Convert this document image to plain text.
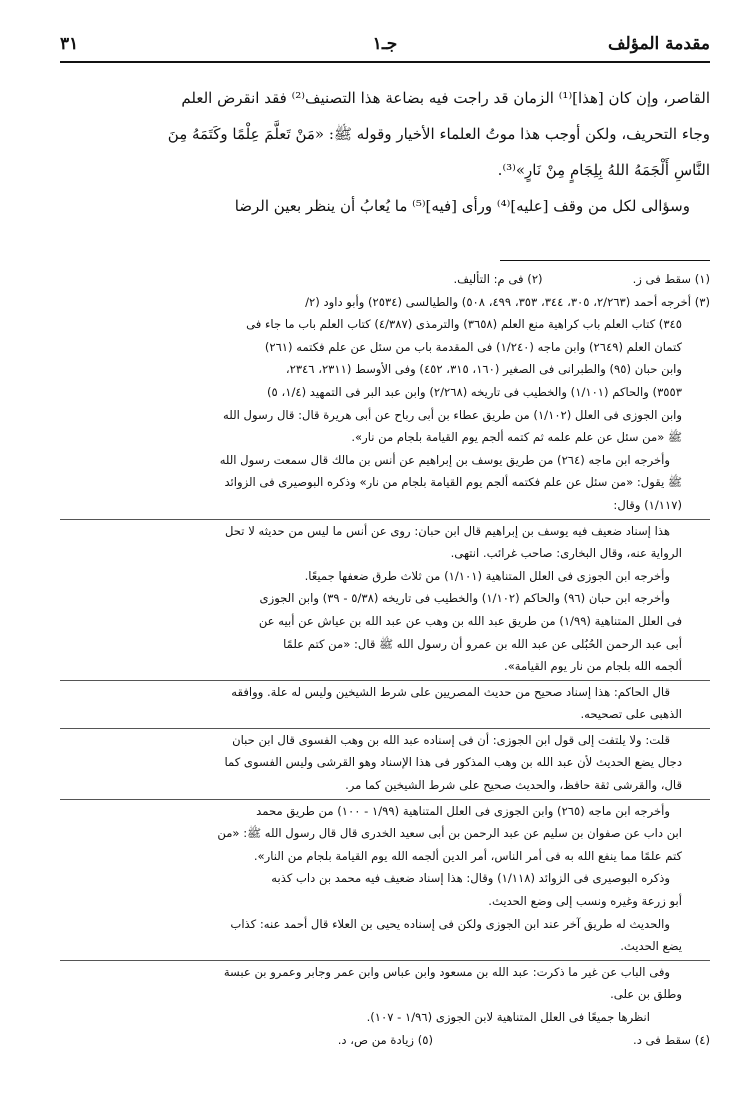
مقدمة المؤلف
جـ١
٣١

القاصر، وإن كان [هذا]⁽¹⁾ الزمان قد راجت فيه بضاعة هذا التصنيف⁽²⁾ فقد انقرض العلم

وجاء التحريف، ولكن أوجب هذا موتُ العلماء الأخيار وقوله ﷺ: «مَنْ تَعلَّمَ عِلْمًا وكَتَمَهُ مِنَ

النَّاسِ أَلْجَمَهُ اللهُ بِلِجَامٍ مِنْ نَارٍ»⁽³⁾.

وسؤالى لكل من وقف [عليه]⁽⁴⁾ ورأى [فيه]⁽⁵⁾ ما يُعابُ أن ينظر بعين الرضا

(١) سقط فى ز.
(٢) فى م: التأليف.

(٣) أخرجه أحمد (٢/٢٦٣، ٣٠٥، ٣٤٤، ٣٥٣، ٤٩٩، ٥٠٨) والطيالسى (٢٥٣٤) وأبو داود (٢/

٣٤٥) كتاب العلم باب كراهية منع العلم (٣٦٥٨) والترمذى (٤/٣٨٧) كتاب العلم باب ما جاء فى

كتمان العلم (٢٦٤٩) وابن ماجه (١/٢٤٠) فى المقدمة باب من سئل عن علم فكتمه (٢٦١)

وابن حبان (٩٥) والطبرانى فى الصغير (١٦٠، ٣١٥، ٤٥٢) وفى الأوسط (٢٣١١، ٢٣٤٦،

٣٥٥٣) والحاكم (١/١٠١) والخطيب فى تاريخه (٢/٢٦٨) وابن عبد البر فى التمهيد (١/٤، ٥)

وابن الجوزى فى العلل (١/١٠٢) من طريق عطاء بن أبى رباح عن أبى هريرة قال: قال رسول الله

ﷺ «من سئل عن علم علمه ثم كتمه ألجم يوم القيامة بلجام من نار».

وأخرجه ابن ماجه (٢٦٤) من طريق يوسف بن إبراهيم عن أنس بن مالك قال سمعت رسول الله

ﷺ يقول: «من سئل عن علم فكتمه ألجم يوم القيامة بلجام من نار» وذكره البوصيرى فى الزوائد

(١/١١٧) وقال:

هذا إسناد ضعيف فيه يوسف بن إبراهيم قال ابن حبان: روى عن أنس ما ليس من حديثه لا تحل

الرواية عنه، وقال البخارى: صاحب غرائب. انتهى.

وأخرجه ابن الجوزى فى العلل المتناهية (١/١٠١) من ثلاث طرق ضعفها جميعًا.

وأخرجه ابن حبان (٩٦) والحاكم (١/١٠٢) والخطيب فى تاريخه (٥/٣٨ - ٣٩) وابن الجوزى

فى العلل المتناهية (١/٩٩) من طريق عبد الله بن وهب عن عبد الله بن عياش عن أبيه عن

أبى عبد الرحمن الحُبُلى عن عبد الله بن عمرو أن رسول الله ﷺ قال: «من كتم علمًا

ألجمه الله بلجام من نار يوم القيامة».

قال الحاكم: هذا إسناد صحيح من حديث المصريين على شرط الشيخين وليس له علة. ووافقه

الذهبى على تصحيحه.

قلت: ولا يلتفت إلى قول ابن الجوزى: أن فى إسناده عبد الله بن وهب الفسوى قال ابن حبان

دجال يضع الحديث لأن عبد الله بن وهب المذكور فى هذا الإسناد وهو القرشى وليس الفسوى كما

قال، والقرشى ثقة حافظ، والحديث صحيح على شرط الشيخين كما مر.

وأخرجه ابن ماجه (٢٦٥) وابن الجوزى فى العلل المتناهية (١/٩٩ - ١٠٠) من طريق محمد

ابن داب عن صفوان بن سليم عن عبد الرحمن بن أبى سعيد الخدرى قال قال رسول الله ﷺ: «من

كتم علمًا مما ينفع الله به فى أمر الناس، أمر الدين ألجمه الله يوم القيامة بلجام من النار».

وذكره البوصيرى فى الزوائد (١/١١٨) وقال: هذا إسناد ضعيف فيه محمد بن داب كذبه

أبو زرعة وغيره ونسب إلى وضع الحديث.

والحديث له طريق آخر عند ابن الجوزى ولكن فى إسناده يحيى بن العلاء قال أحمد عنه: كذاب

يضع الحديث.

وفى الباب عن غير ما ذكرت: عبد الله بن مسعود وابن عباس وابن عمر وجابر وعمرو بن عبسة

وطلق بن على.

انظرها جميعًا فى العلل المتناهية لابن الجوزى (١/٩٦ - ١٠٧).

(٤) سقط فى د.
(٥) زيادة من ص، د.
